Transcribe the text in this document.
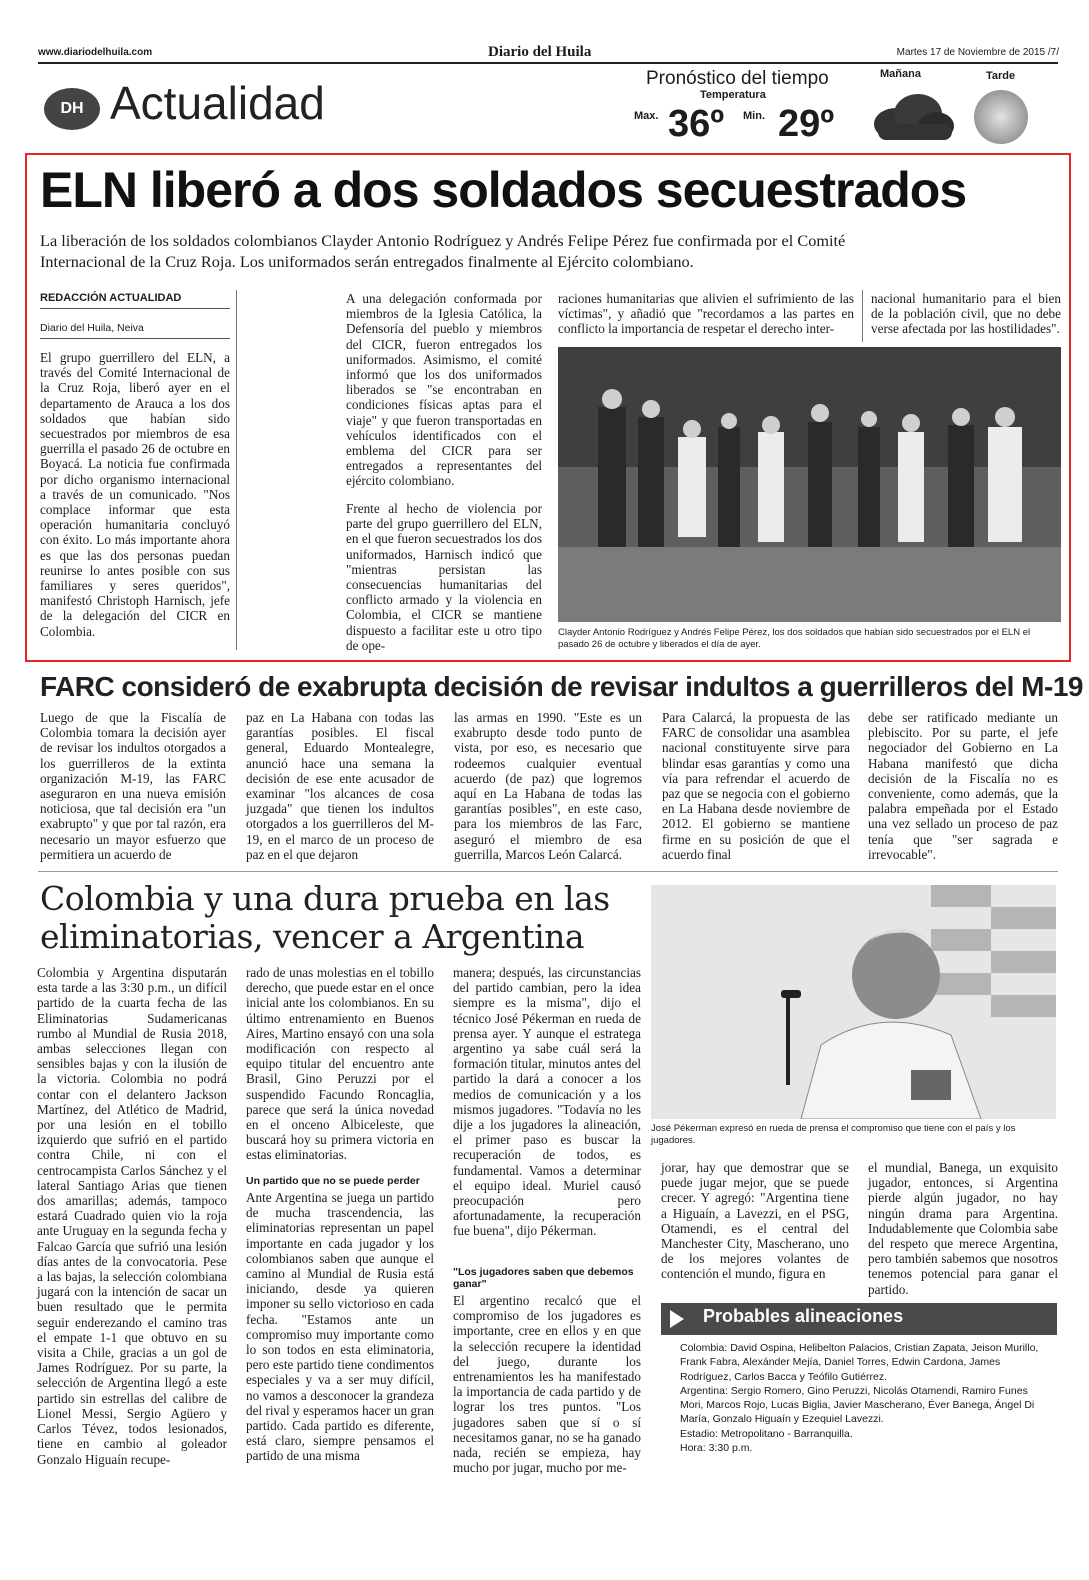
www.diariodelhuila.com	Diario del Huila	Martes 17 de Noviembre de 2015 /7/
DH Actualidad	Pronóstico del tiempo
Temperatura
Max. 36º Min. 29º
Mañana	Tarde
ELN liberó a dos soldados secuestrados
La liberación de los soldados colombianos Clayder Antonio Rodríguez y Andrés Felipe Pérez fue confirmada por el Comité Internacional de la Cruz Roja. Los uniformados serán entregados finalmente al Ejército colombiano.
REDACCIÓN ACTUALIDAD
Diario del Huila, Neiva
El grupo guerrillero del ELN, a través del Comité Internacional de la Cruz Roja, liberó ayer en el departamento de Arauca a los dos soldados que habían sido secuestrados por miembros de esa guerrilla el pasado 26 de octubre en Boyacá. La noticia fue confirmada por dicho organismo internacional a través de un comunicado. "Nos complace informar que esta operación humanitaria concluyó con éxito. Lo más importante ahora es que las dos personas puedan reunirse lo antes posible con sus familiares y seres queridos", manifestó Christoph Harnisch, jefe de la delegación del CICR en Colombia.
A una delegación conformada por miembros de la Iglesia Católica, la Defensoría del pueblo y miembros del CICR, fueron entregados los uniformados. Asimismo, el comité informó que los dos uniformados liberados se "se encontraban en condiciones físicas aptas para el viaje" y que fueron transportadas en vehículos identificados con el emblema del CICR para ser entregados a representantes del ejército colombiano.
Frente al hecho de violencia por parte del grupo guerrillero del ELN, en el que fueron secuestrados los dos uniformados, Harnisch indicó que "mientras persistan las consecuencias humanitarias del conflicto armado y la violencia en Colombia, el CICR se mantiene dispuesto a facilitar este u otro tipo de ope-
raciones humanitarias que alivien el sufrimiento de las víctimas", y añadió que "recordamos a las partes en conflicto la importancia de respetar el derecho inter-
nacional humanitario para el bien de la población civil, que no debe verse afectada por las hostilidades".
Clayder Antonio Rodríguez y Andrés Felipe Pérez, los dos soldados que habían sido secuestrados por el ELN el pasado 26 de octubre y liberados el día de ayer.
FARC consideró de exabrupta decisión de revisar indultos a guerrilleros del M-19
Luego de que la Fiscalía de Colombia tomara la decisión ayer de revisar los indultos otorgados a los guerrilleros de la extinta organización M-19, las FARC aseguraron en una nueva emisión noticiosa, que tal decisión era "un exabrupto" y que por tal razón, era necesario un mayor esfuerzo que permitiera un acuerdo de
paz en La Habana con todas las garantías posibles. El fiscal general, Eduardo Montealegre, anunció hace una semana la decisión de ese ente acusador de examinar "los alcances de cosa juzgada" que tienen los indultos otorgados a los guerrilleros del M-19, en el marco de un proceso de paz en el que dejaron
las armas en 1990. "Este es un exabrupto desde todo punto de vista, por eso, es necesario que rodeemos cualquier eventual acuerdo (de paz) que logremos aquí en La Habana de todas las garantías posibles", en este caso, para los miembros de las Farc, aseguró el miembro de esa guerrilla, Marcos León Calarcá.
Para Calarcá, la propuesta de las FARC de consolidar una asamblea nacional constituyente sirve para blindar esas garantías y como una vía para refrendar el acuerdo de paz que se negocia con el gobierno en La Habana desde noviembre de 2012. El gobierno se mantiene firme en su posición de que el acuerdo final
debe ser ratificado mediante un plebiscito. Por su parte, el jefe negociador del Gobierno en La Habana manifestó que dicha decisión de la Fiscalía no es conveniente, como además, que la palabra empeñada por el Estado una vez sellado un proceso de paz tenía que "ser sagrada e irrevocable".
Colombia y una dura prueba en las eliminatorias, vencer a Argentina
Colombia y Argentina disputarán esta tarde a las 3:30 p.m., un difícil partido de la cuarta fecha de las Eliminatorias Sudamericanas rumbo al Mundial de Rusia 2018, ambas selecciones llegan con sensibles bajas y con la ilusión de la victoria. Colombia no podrá contar con el delantero Jackson Martínez, del Atlético de Madrid, por una lesión en el tobillo izquierdo que sufrió en el partido contra Chile, ni con el centrocampista Carlos Sánchez y el lateral Santiago Arias que tienen dos amarillas; además, tampoco estará Cuadrado quien vio la roja ante Uruguay en la segunda fecha y Falcao García que sufrió una lesión días antes de la convocatoria. Pese a las bajas, la selección colombiana jugará con la intención de sacar un buen resultado que le permita seguir enderezando el camino tras el empate 1-1 que obtuvo en su visita a Chile, gracias a un gol de James Rodríguez. Por su parte, la selección de Argentina llegó a este partido sin estrellas del calibre de Lionel Messi, Sergio Agüero y Carlos Tévez, todos lesionados, tiene en cambio al goleador Gonzalo Higuaín recupe-
rado de unas molestias en el tobillo derecho, que puede estar en el once inicial ante los colombianos. En su último entrenamiento en Buenos Aires, Martino ensayó con una sola modificación con respecto al equipo titular del encuentro ante Brasil, Gino Peruzzi por el suspendido Facundo Roncaglia, parece que será la única novedad en el onceno Albiceleste, que buscará hoy su primera victoria en estas eliminatorias.
Un partido que no se puede perder
Ante Argentina se juega un partido de mucha trascendencia, las eliminatorias representan un papel importante en cada jugador y los colombianos saben que aunque el camino al Mundial de Rusia está iniciando, desde ya quieren imponer su sello victorioso en cada fecha. "Estamos ante un compromiso muy importante como lo son todos en esta eliminatoria, pero este partido tiene condimentos especiales y va a ser muy difícil, no vamos a desconocer la grandeza del rival y esperamos hacer un gran partido. Cada partido es diferente, está claro, siempre pensamos el partido de una misma
manera; después, las circunstancias del partido cambian, pero la idea siempre es la misma", dijo el técnico José Pékerman en rueda de prensa ayer. Y aunque el estratega argentino ya sabe cuál será la formación titular, minutos antes del partido la dará a conocer a los medios de comunicación y a los mismos jugadores. "Todavía no les dije a los jugadores la alineación, el primer paso es buscar la recuperación de todos, es fundamental. Vamos a determinar el equipo ideal. Muriel causó preocupación pero afortunadamente, la recuperación fue buena", dijo Pékerman.
"Los jugadores saben que debemos ganar"
El argentino recalcó que el compromiso de los jugadores es importante, cree en ellos y en que la selección recupere la identidad del juego, durante los entrenamientos les ha manifestado la importancia de cada partido y de lograr los tres puntos. "Los jugadores saben que sí o sí necesitamos ganar, no se ha ganado nada, recién se empieza, hay mucho por jugar, mucho por me-
José Pékerman expresó en rueda de prensa el compromiso que tiene con el país y los jugadores.
jorar, hay que demostrar que se puede jugar mejor, que se puede crecer. Y agregó: "Argentina tiene a Higuaín, a Lavezzi, en el PSG, Otamendi, es el central del Manchester City, Mascherano, uno de los mejores volantes de contención el mundo, figura en
el mundial, Banega, un exquisito jugador, entonces, si Argentina pierde algún jugador, no hay ningún drama para Argentina. Indudablemente que Colombia sabe del respeto que merece Argentina, pero también sabemos que nosotros tenemos potencial para ganar el partido.
Probables alineaciones
Colombia: David Ospina, Helibelton Palacios, Cristian Zapata, Jeison Murillo, Frank Fabra, Alexánder Mejía, Daniel Torres, Edwin Cardona, James Rodríguez, Carlos Bacca y Teófilo Gutiérrez.
Argentina: Sergio Romero, Gino Peruzzi, Nicolás Otamendi, Ramiro Funes Mori, Marcos Rojo, Lucas Biglia, Javier Mascherano, Éver Banega, Ángel Di María, Gonzalo Higuaín y Ezequiel Lavezzi.
Estadio: Metropolitano - Barranquilla.
Hora: 3:30 p.m.
